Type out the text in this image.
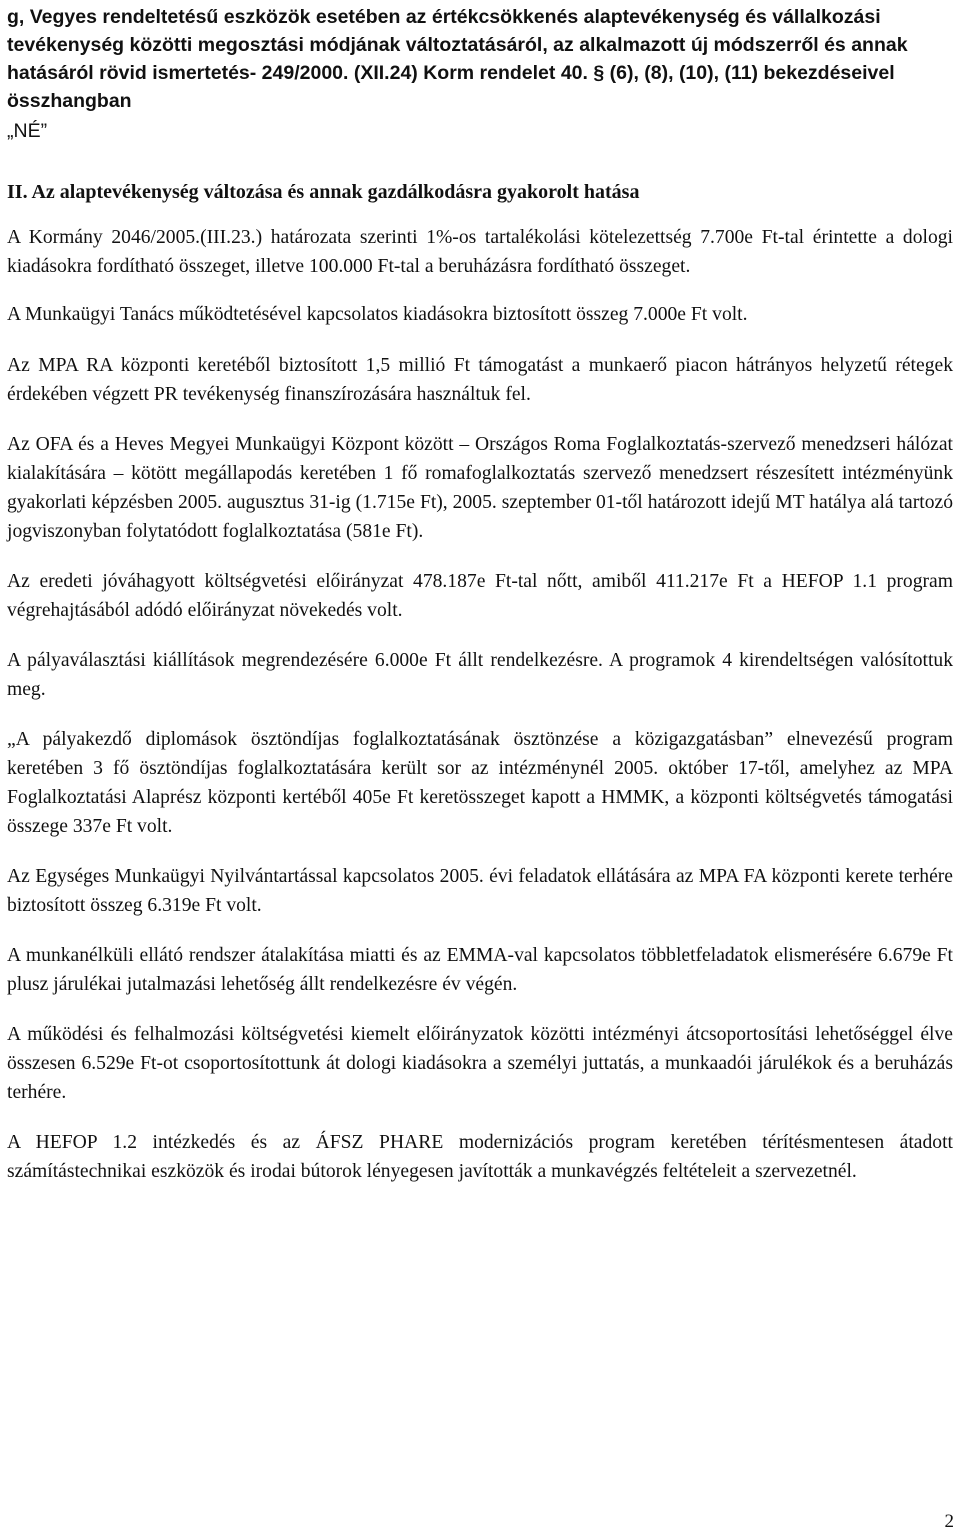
g, Vegyes rendeltetésű eszközök esetében az értékcsökkenés alaptevékenység és vállalkozási tevékenység közötti megosztási módjának változtatásáról, az alkalmazott új módszerről és annak hatásáról rövid ismertetés- 249/2000. (XII.24) Korm rendelet 40. § (6), (8), (10), (11) bekezdéseivel összhangban

„NÉ”

II. Az alaptevékenység változása és annak gazdálkodásra gyakorolt hatása

A Kormány 2046/2005.(III.23.) határozata szerinti 1%-os tartalékolási kötelezettség 7.700e Ft-tal érintette a dologi kiadásokra fordítható összeget, illetve 100.000 Ft-tal a beruházásra fordítható összeget.

A Munkaügyi Tanács működtetésével kapcsolatos kiadásokra biztosított összeg 7.000e Ft volt.

Az MPA RA központi keretéből biztosított 1,5 millió Ft támogatást a munkaerő piacon hátrányos helyzetű rétegek érdekében végzett PR tevékenység finanszírozására használtuk fel.

Az OFA és a Heves Megyei Munkaügyi Központ között – Országos Roma Foglalkoztatás-szervező menedzseri hálózat kialakítására – kötött megállapodás keretében 1 fő romafoglalkoztatás szervező menedzsert részesített intézményünk gyakorlati képzésben 2005. augusztus 31-ig (1.715e Ft), 2005. szeptember 01-től határozott idejű MT hatálya alá tartozó jogviszonyban folytatódott foglalkoztatása (581e Ft).

Az eredeti jóváhagyott költségvetési előirányzat 478.187e Ft-tal nőtt, amiből 411.217e Ft a HEFOP 1.1 program végrehajtásából adódó előirányzat növekedés volt.

A pályaválasztási kiállítások megrendezésére 6.000e Ft állt rendelkezésre. A programok 4 kirendeltségen valósítottuk meg.

„A pályakezdő diplomások ösztöndíjas foglalkoztatásának ösztönzése a közigazgatásban” elnevezésű program keretében 3 fő ösztöndíjas foglalkoztatására került sor az intézménynél 2005. október 17-től, amelyhez az MPA Foglalkoztatási Alaprész központi kertéből 405e Ft keretösszeget kapott a HMMK, a központi költségvetés támogatási összege 337e Ft volt.

Az Egységes Munkaügyi Nyilvántartással kapcsolatos 2005. évi feladatok ellátására az MPA FA központi kerete terhére biztosított összeg 6.319e Ft volt.

A munkanélküli ellátó rendszer átalakítása miatti és az EMMA-val kapcsolatos többletfeladatok elismerésére 6.679e Ft plusz járulékai jutalmazási lehetőség állt rendelkezésre év végén.

A működési és felhalmozási költségvetési kiemelt előirányzatok közötti intézményi átcsoportosítási lehetőséggel élve összesen 6.529e Ft-ot csoportosítottunk át dologi kiadásokra a személyi juttatás, a munkaadói járulékok és a beruházás terhére.

A HEFOP 1.2 intézkedés és az ÁFSZ PHARE modernizációs program keretében térítésmentesen átadott számítástechnikai eszközök és irodai bútorok lényegesen javították a munkavégzés feltételeit a szervezetnél.

2
